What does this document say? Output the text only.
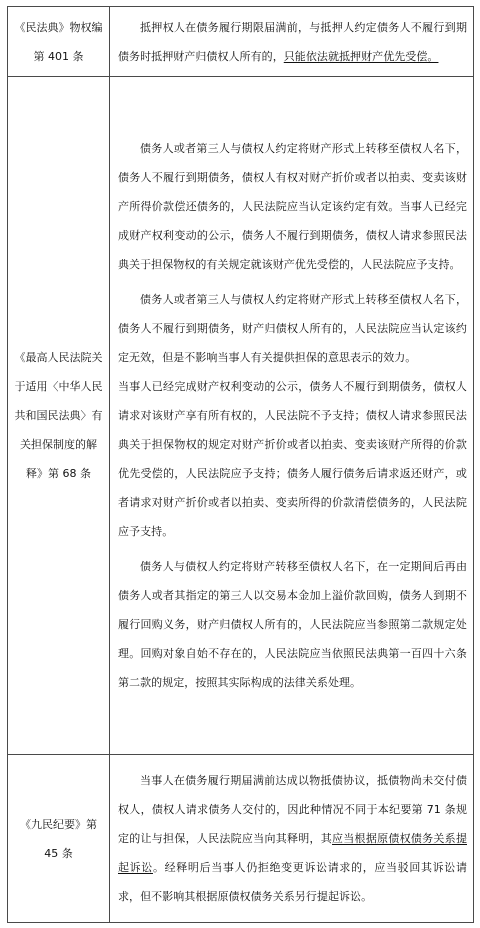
《民法典》物权编第 401 条	抵押权人在债务履行期限届满前，与抵押人约定债务人不履行到期债务时抵押财产归债权人所有的，只能依法就抵押财产优先受偿。

《最高人民法院关于适用〈中华人民共和国民法典〉有关担保制度的解释》第 68 条	债务人或者第三人与债权人约定将财产形式上转移至债权人名下，债务人不履行到期债务，债权人有权对财产折价或者以拍卖、变卖该财产所得价款偿还债务的，人民法院应当认定该约定有效。当事人已经完成财产权利变动的公示，债务人不履行到期债务，债权人请求参照民法典关于担保物权的有关规定就该财产优先受偿的，人民法院应予支持。

债务人或者第三人与债权人约定将财产形式上转移至债权人名下，债务人不履行到期债务，财产归债权人所有的，人民法院应当认定该约定无效，但是不影响当事人有关提供担保的意思表示的效力。

当事人已经完成财产权利变动的公示，债务人不履行到期债务，债权人请求对该财产享有所有权的，人民法院不予支持；债权人请求参照民法典关于担保物权的规定对财产折价或者以拍卖、变卖该财产所得的价款优先受偿的，人民法院应予支持；债务人履行债务后请求返还财产，或者请求对财产折价或者以拍卖、变卖所得的价款清偿债务的，人民法院应予支持。

债务人与债权人约定将财产转移至债权人名下，在一定期间后再由债务人或者其指定的第三人以交易本金加上溢价款回购，债务人到期不履行回购义务，财产归债权人所有的，人民法院应当参照第二款规定处理。回购对象自始不存在的，人民法院应当依照民法典第一百四十六条第二款的规定，按照其实际构成的法律关系处理。

《九民纪要》第 45 条	当事人在债务履行期届满前达成以物抵债协议，抵债物尚未交付债权人，债权人请求债务人交付的，因此种情况不同于本纪要第 71 条规定的让与担保，人民法院应当向其释明，其应当根据原债权债务关系提起诉讼。经释明后当事人仍拒绝变更诉讼请求的，应当驳回其诉讼请求，但不影响其根据原债权债务关系另行提起诉讼。
